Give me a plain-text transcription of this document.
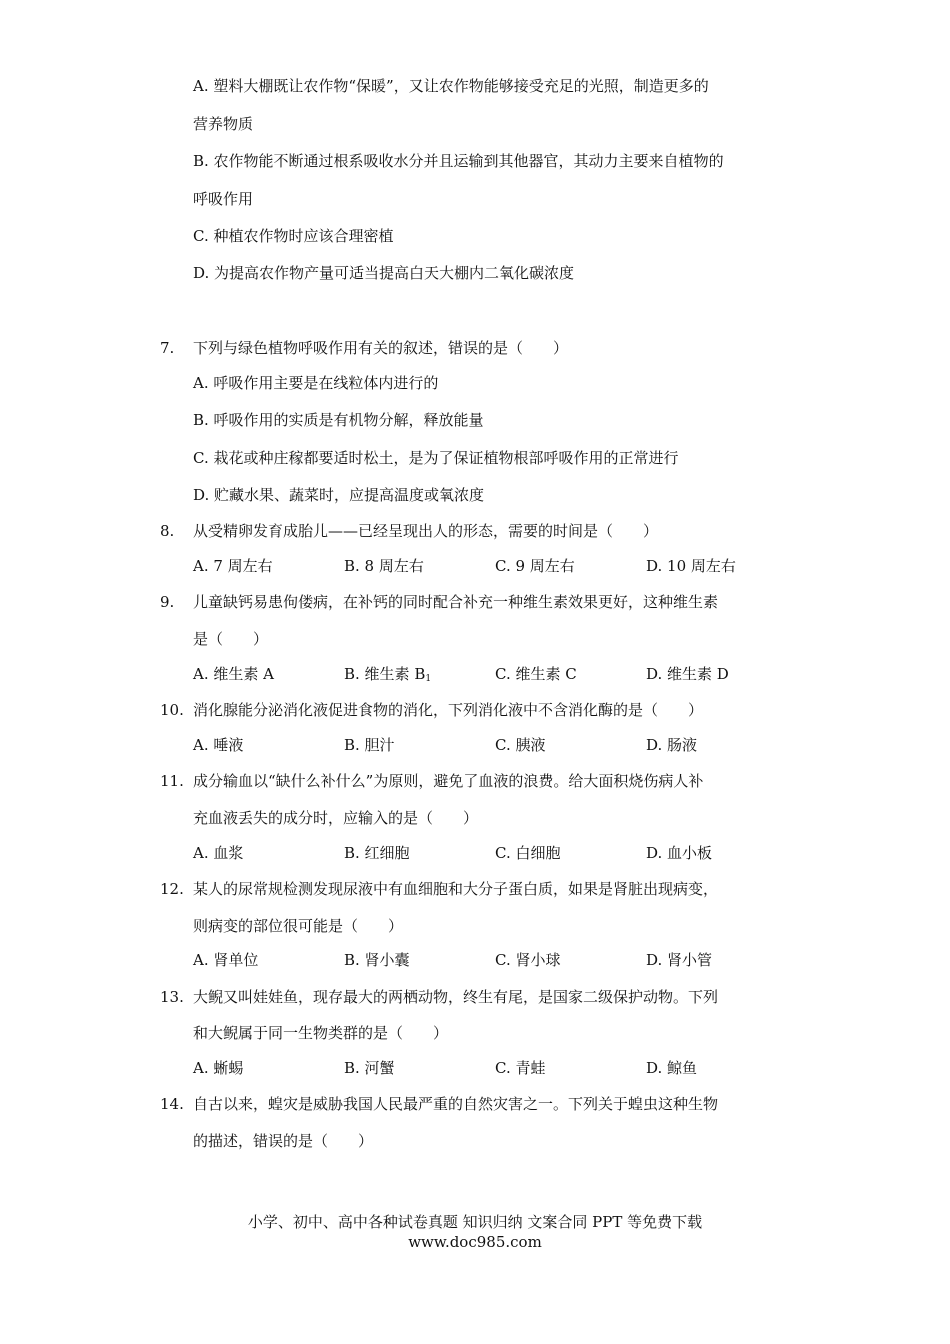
A. 塑料大棚既让农作物“保暖”，又让农作物能够接受充足的光照，制造更多的
营养物质
B. 农作物能不断通过根系吸收水分并且运输到其他器官，其动力主要来自植物的
呼吸作用
C. 种植农作物时应该合理密植
D. 为提高农作物产量可适当提高白天大棚内二氧化碳浓度
7. 下列与绿色植物呼吸作用有关的叙述，错误的是（　　）
A. 呼吸作用主要是在线粒体内进行的
B. 呼吸作用的实质是有机物分解，释放能量
C. 栽花或种庄稼都要适时松土，是为了保证植物根部呼吸作用的正常进行
D. 贮藏水果、蔬菜时，应提高温度或氧浓度
8. 从受精卵发育成胎儿——已经呈现出人的形态，需要的时间是（　　）
A. 7 周左右	B. 8 周左右	C. 9 周左右	D. 10 周左右
9. 儿童缺钙易患佝偻病，在补钙的同时配合补充一种维生素效果更好，这种维生素
是（　　）
A. 维生素 A	B. 维生素 $B_1$	C. 维生素 C	D. 维生素 D
10. 消化腺能分泌消化液促进食物的消化，下列消化液中不含消化酶的是（　　）
A. 唾液	B. 胆汁	C. 胰液	D. 肠液
11. 成分输血以“缺什么补什么”为原则，避免了血液的浪费。给大面积烧伤病人补
充血液丢失的成分时，应输入的是（　　）
A. 血浆	B. 红细胞	C. 白细胞	D. 血小板
12. 某人的尿常规检测发现尿液中有血细胞和大分子蛋白质，如果是肾脏出现病变，
则病变的部位很可能是（　　）
A. 肾单位	B. 肾小囊	C. 肾小球	D. 肾小管
13. 大鲵又叫娃娃鱼，现存最大的两栖动物，终生有尾，是国家二级保护动物。下列
和大鲵属于同一生物类群的是（　　）
A. 蜥蜴	B. 河蟹	C. 青蛙	D. 鲸鱼
14. 自古以来，蝗灾是威胁我国人民最严重的自然灾害之一。下列关于蝗虫这种生物
的描述，错误的是（　　）
小学、初中、高中各种试卷真题 知识归纳 文案合同 PPT 等免费下载
www.doc985.com
